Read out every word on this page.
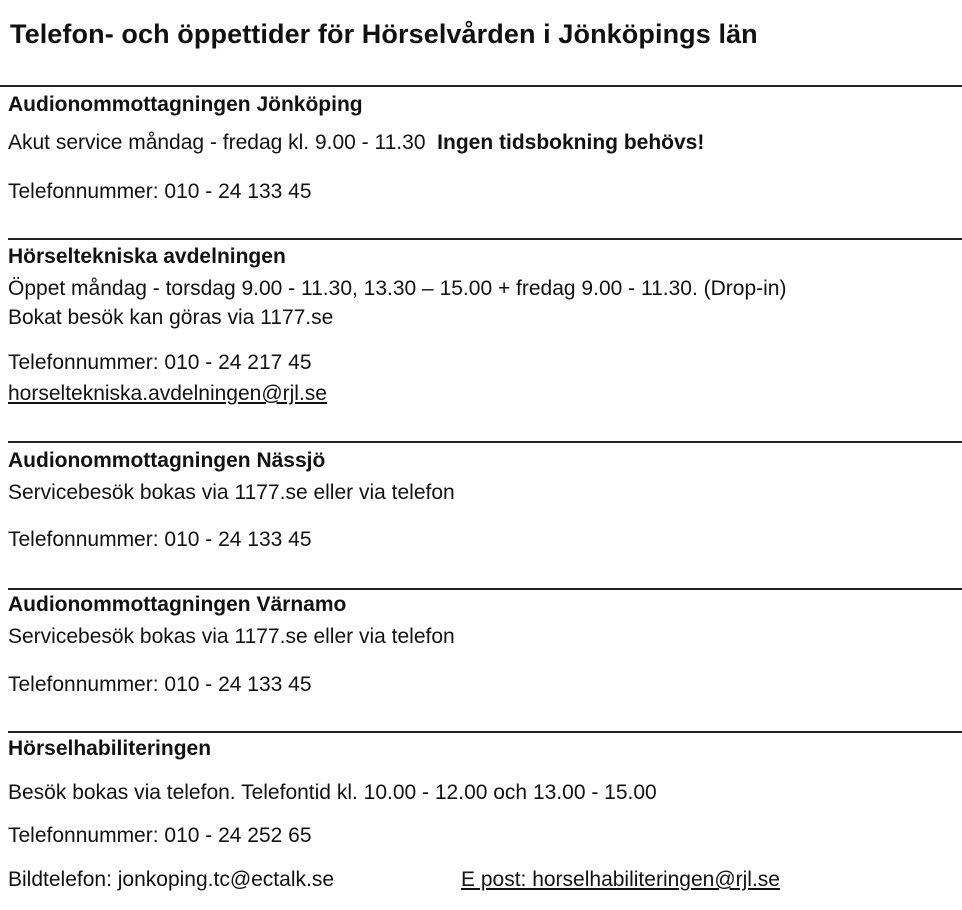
Telefon- och öppettider för Hörselvården i Jönköpings län
Audionommottagningen Jönköping
Akut service måndag - fredag kl. 9.00 - 11.30 Ingen tidsbokning behövs!
Telefonnummer: 010 - 24 133 45
Hörseltekniska avdelningen
Öppet måndag - torsdag 9.00 - 11.30, 13.30 – 15.00 + fredag 9.00 - 11.30. (Drop-in)
Bokat besök kan göras via 1177.se
Telefonnummer: 010 - 24 217 45
horseltekniska.avdelningen@rjl.se
Audionommottagningen Nässjö
Servicebesök bokas via 1177.se eller via telefon
Telefonnummer: 010 - 24 133 45
Audionommottagningen Värnamo
Servicebesök bokas via 1177.se eller via telefon
Telefonnummer: 010 - 24 133 45
Hörselhabiliteringen
Besök bokas via telefon. Telefontid kl. 10.00 - 12.00 och 13.00 - 15.00
Telefonnummer: 010 - 24 252 65
Bildtelefon: jonkoping.tc@ectalk.se	E post: horselhabiliteringen@rjl.se
